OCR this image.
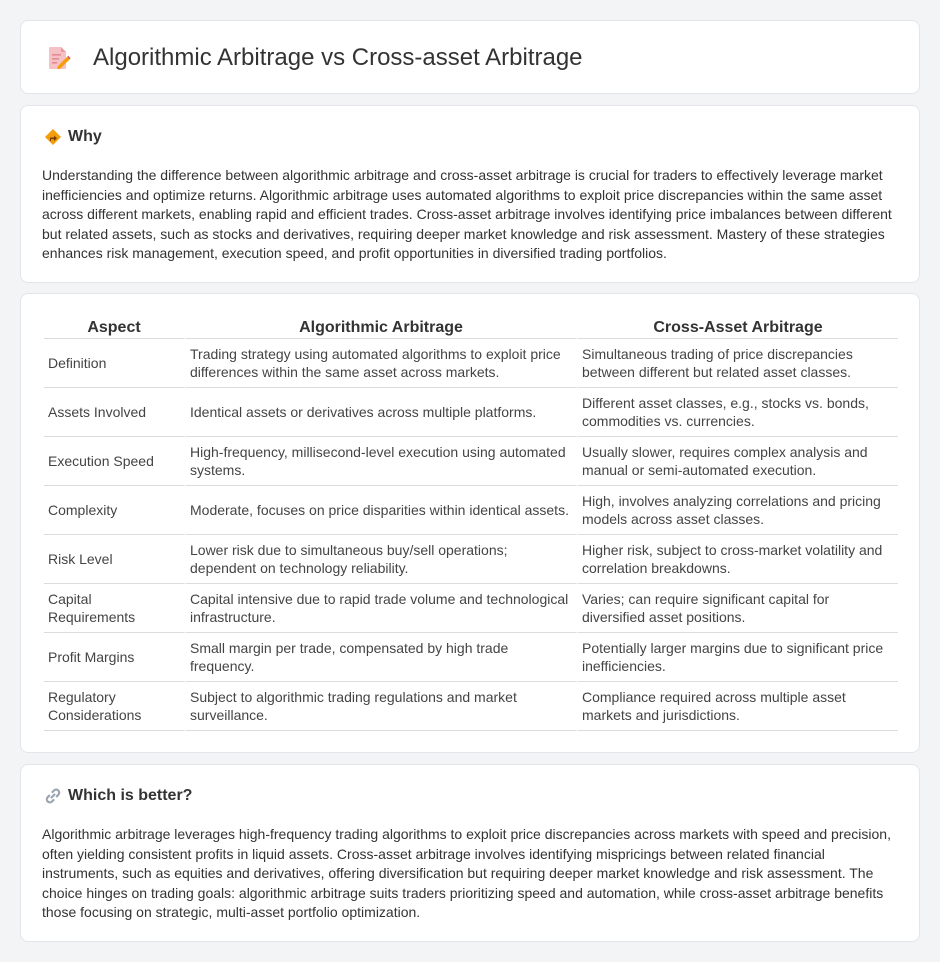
Algorithmic Arbitrage vs Cross-asset Arbitrage
Why

Understanding the difference between algorithmic arbitrage and cross-asset arbitrage is crucial for traders to effectively leverage market inefficiencies and optimize returns. Algorithmic arbitrage uses automated algorithms to exploit price discrepancies within the same asset across different markets, enabling rapid and efficient trades. Cross-asset arbitrage involves identifying price imbalances between different but related assets, such as stocks and derivatives, requiring deeper market knowledge and risk assessment. Mastery of these strategies enhances risk management, execution speed, and profit opportunities in diversified trading portfolios.

Aspect	Algorithmic Arbitrage	Cross-Asset Arbitrage
Definition	Trading strategy using automated algorithms to exploit price differences within the same asset across markets.	Simultaneous trading of price discrepancies between different but related asset classes.
Assets Involved	Identical assets or derivatives across multiple platforms.	Different asset classes, e.g., stocks vs. bonds, commodities vs. currencies.
Execution Speed	High-frequency, millisecond-level execution using automated systems.	Usually slower, requires complex analysis and manual or semi-automated execution.
Complexity	Moderate, focuses on price disparities within identical assets.	High, involves analyzing correlations and pricing models across asset classes.
Risk Level	Lower risk due to simultaneous buy/sell operations; dependent on technology reliability.	Higher risk, subject to cross-market volatility and correlation breakdowns.
Capital Requirements	Capital intensive due to rapid trade volume and technological infrastructure.	Varies; can require significant capital for diversified asset positions.
Profit Margins	Small margin per trade, compensated by high trade frequency.	Potentially larger margins due to significant price inefficiencies.
Regulatory Considerations	Subject to algorithmic trading regulations and market surveillance.	Compliance required across multiple asset markets and jurisdictions.
Which is better?

Algorithmic arbitrage leverages high-frequency trading algorithms to exploit price discrepancies across markets with speed and precision, often yielding consistent profits in liquid assets. Cross-asset arbitrage involves identifying mispricings between related financial instruments, such as equities and derivatives, offering diversification but requiring deeper market knowledge and risk assessment. The choice hinges on trading goals: algorithmic arbitrage suits traders prioritizing speed and automation, while cross-asset arbitrage benefits those focusing on strategic, multi-asset portfolio optimization.
